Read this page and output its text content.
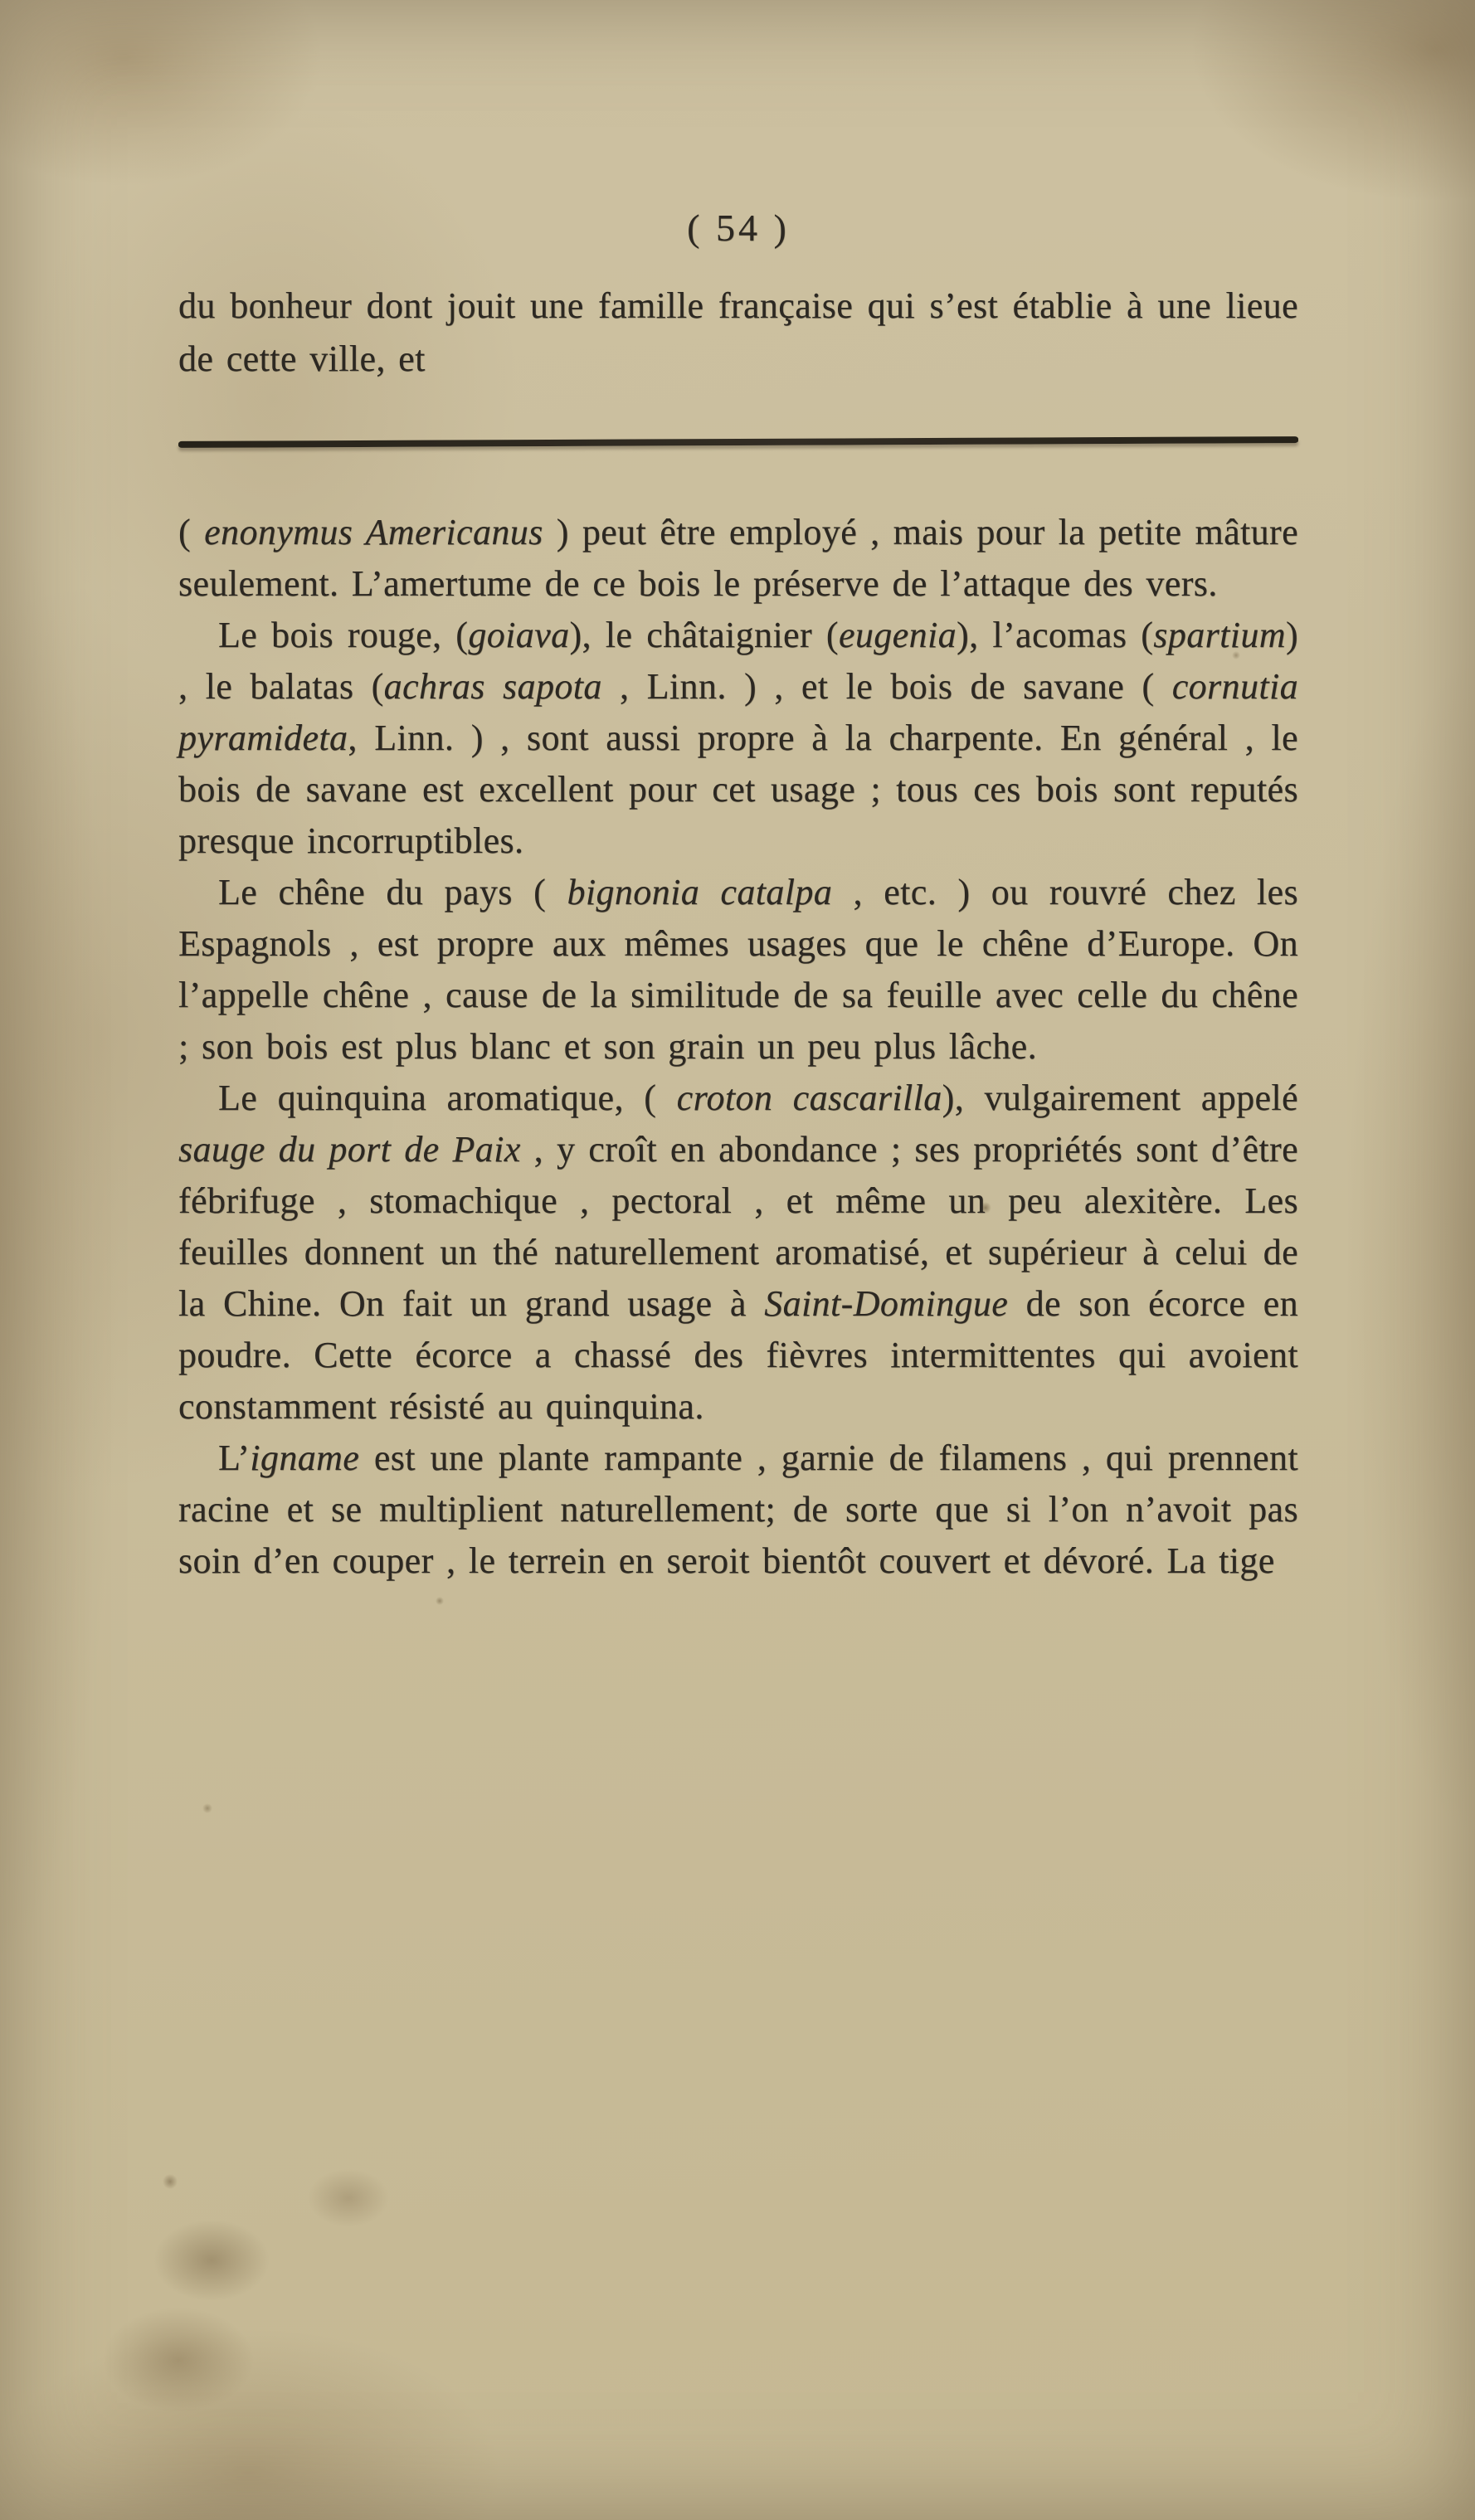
( 54 )

du bonheur dont jouit une famille française qui s’est établie à une lieue de cette ville, et

( enonymus Americanus ) peut être employé , mais pour la petite mâture seulement. L’amertume de ce bois le préserve de l’attaque des vers.

Le bois rouge, (goiava), le châtaignier (eugenia), l’acomas (spartium) , le balatas (achras sapota , Linn. ) , et le bois de savane ( cornutia pyramideta, Linn. ) , sont aussi propre à la charpente. En général , le bois de savane est excellent pour cet usage ; tous ces bois sont reputés presque incorruptibles.

Le chêne du pays ( bignonia catalpa , etc. ) ou rouvré chez les Espagnols , est propre aux mêmes usages que le chêne d’Europe. On l’appelle chêne , cause de la similitude de sa feuille avec celle du chêne ; son bois est plus blanc et son grain un peu plus lâche.

Le quinquina aromatique, ( croton cascarilla), vulgairement appelé sauge du port de Paix , y croît en abondance ; ses propriétés sont d’être fébrifuge , stomachique , pectoral , et même un peu alexitère. Les feuilles donnent un thé naturellement aromatisé, et supérieur à celui de la Chine. On fait un grand usage à Saint-Domingue de son écorce en poudre. Cette écorce a chassé des fièvres intermittentes qui avoient constamment résisté au quinquina.

L’igname est une plante rampante , garnie de filamens , qui prennent racine et se multiplient naturellement; de sorte que si l’on n’avoit pas soin d’en couper , le terrein en seroit bientôt couvert et dévoré. La tige
